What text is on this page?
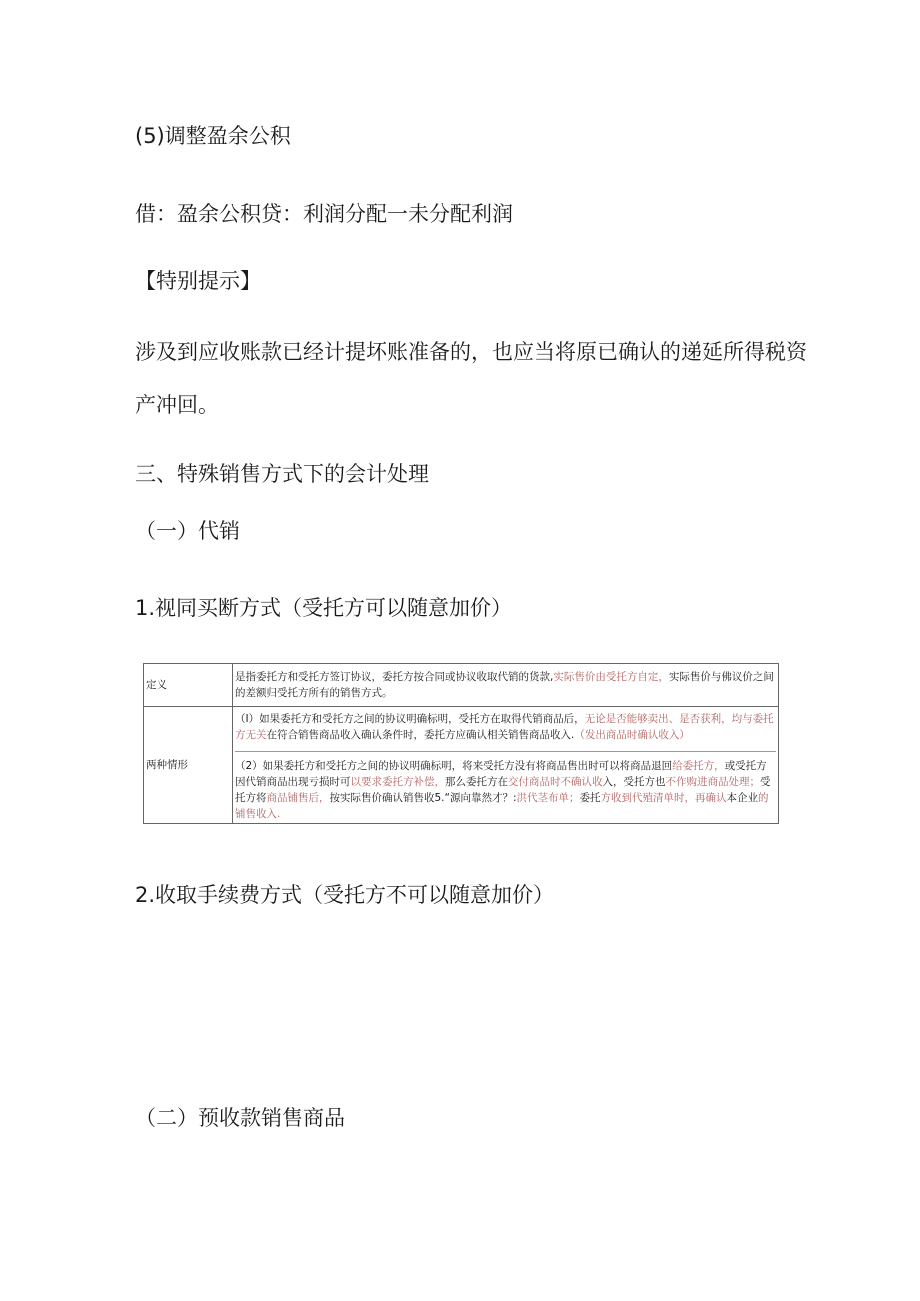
(5)调整盈余公积

借：盈余公积贷：利润分配一未分配利润

【特别提示】

涉及到应收账款已经计提坏账准备的，也应当将原已确认的递延所得税资

产冲回。

三、特殊销售方式下的会计处理

（一）代销

1.视同买断方式（受托方可以随意加价）

定义	是指委托方和受托方签订协议，委托方按合同或协议收取代销的货款,实际售价由受托方自定，实际售价与佛议价之间的差额归受托方所有的销售方式。
两种情形	（I）如果委托方和受托方之间的协议明确标明，受托方在取得代销商品后，无论是否能够卖出、是否获利，均与委托方无关在符合销售商品收入确认条件时，委托方应确认相关销售商品收入.（发出商品时确认收入）
（2）如果委托方和受托方之间的协议明确标明，将来受托方没有将商品售出时可以将商品退回给委托方，或受托方因代销商品出现亏损时可以要求委托方补偿，那么委托方在交付商品时不确认收入，受托方也不作购进商品处理；受托方将商品铺售后，按实际售价确认销售收5.“源向靠然才？:洪代茎布单；委托方收到代殖清单时，再确认本企业的铺售收入.

2.收取手续费方式（受托方不可以随意加价）

（二）预收款销售商品
